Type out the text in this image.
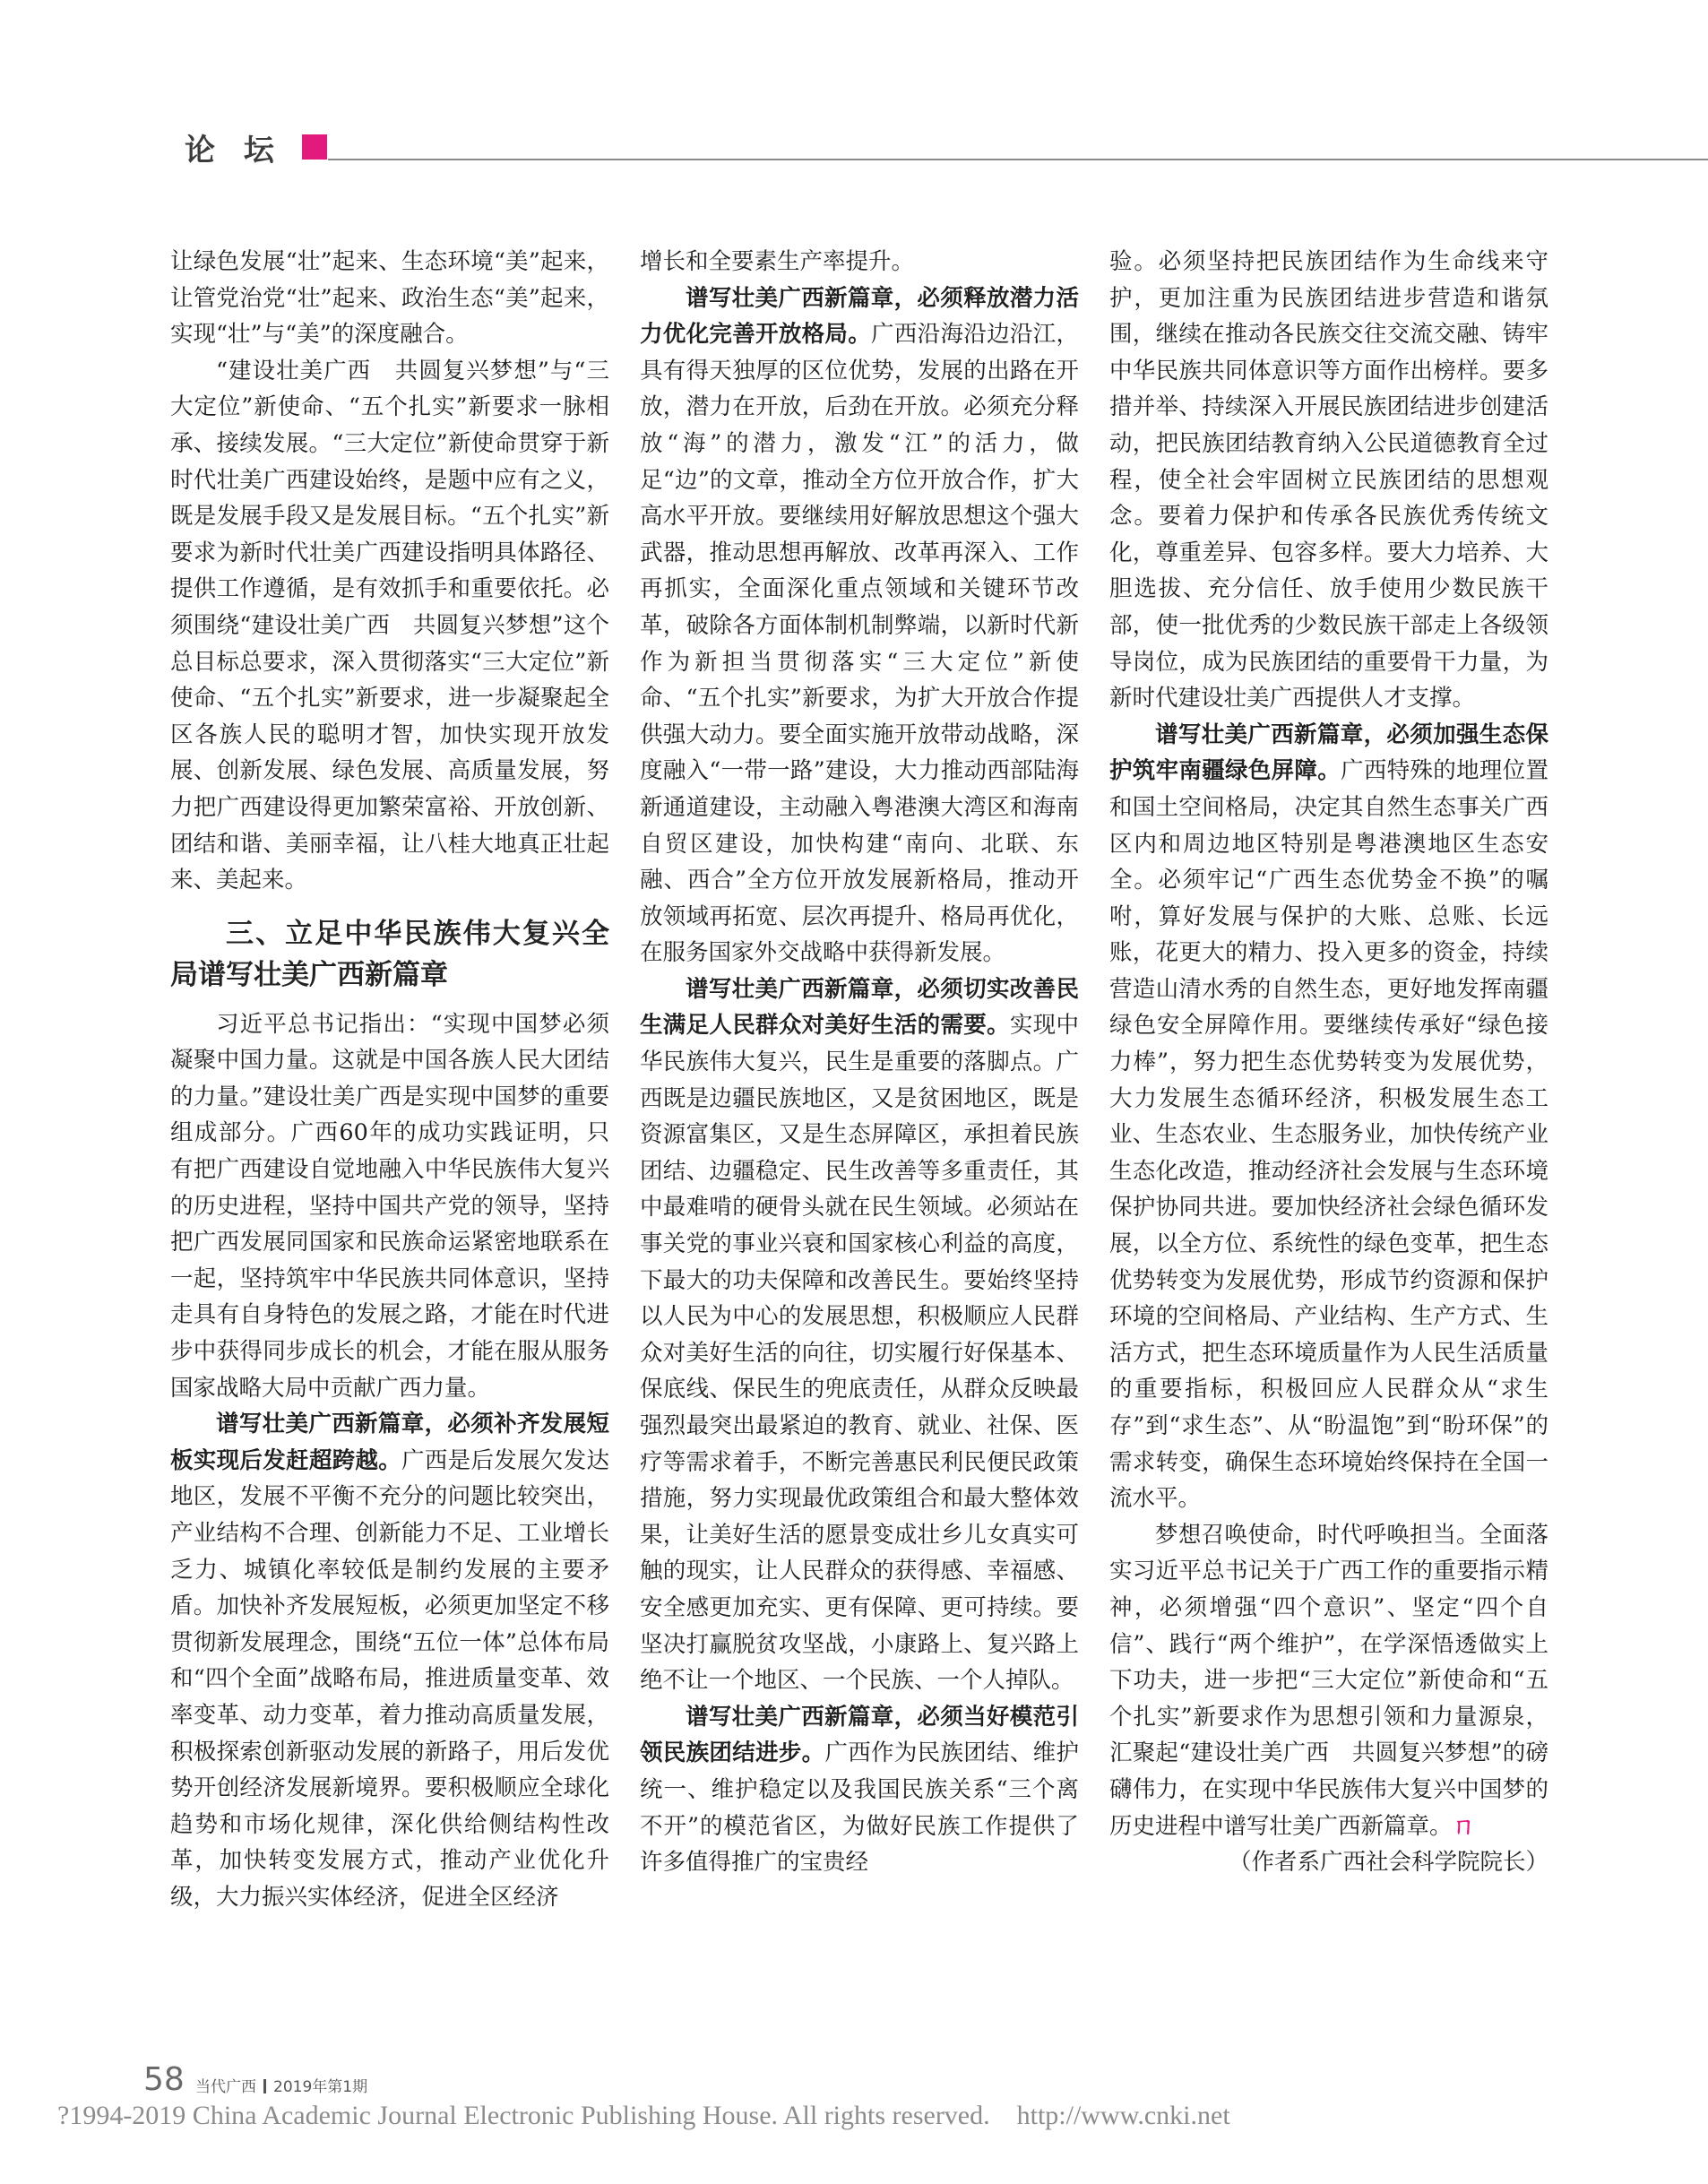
论 坛

让绿色发展“壮”起来、生态环境“美”起来，让管党治党“壮”起来、政治生态“美”起来，实现“壮”与“美”的深度融合。

“建设壮美广西　共圆复兴梦想”与“三大定位”新使命、“五个扎实”新要求一脉相承、接续发展。“三大定位”新使命贯穿于新时代壮美广西建设始终，是题中应有之义，既是发展手段又是发展目标。“五个扎实”新要求为新时代壮美广西建设指明具体路径、提供工作遵循，是有效抓手和重要依托。必须围绕“建设壮美广西　共圆复兴梦想”这个总目标总要求，深入贯彻落实“三大定位”新使命、“五个扎实”新要求，进一步凝聚起全区各族人民的聪明才智，加快实现开放发展、创新发展、绿色发展、高质量发展，努力把广西建设得更加繁荣富裕、开放创新、团结和谐、美丽幸福，让八桂大地真正壮起来、美起来。

三、立足中华民族伟大复兴全局谱写壮美广西新篇章

习近平总书记指出：“实现中国梦必须凝聚中国力量。这就是中国各族人民大团结的力量。”建设壮美广西是实现中国梦的重要组成部分。广西60年的成功实践证明，只有把广西建设自觉地融入中华民族伟大复兴的历史进程，坚持中国共产党的领导，坚持把广西发展同国家和民族命运紧密地联系在一起，坚持筑牢中华民族共同体意识，坚持走具有自身特色的发展之路，才能在时代进步中获得同步成长的机会，才能在服从服务国家战略大局中贡献广西力量。

谱写壮美广西新篇章，必须补齐发展短板实现后发赶超跨越。广西是后发展欠发达地区，发展不平衡不充分的问题比较突出，产业结构不合理、创新能力不足、工业增长乏力、城镇化率较低是制约发展的主要矛盾。加快补齐发展短板，必须更加坚定不移贯彻新发展理念，围绕“五位一体”总体布局和“四个全面”战略布局，推进质量变革、效率变革、动力变革，着力推动高质量发展，积极探索创新驱动发展的新路子，用后发优势开创经济发展新境界。要积极顺应全球化趋势和市场化规律，深化供给侧结构性改革，加快转变发展方式，推动产业优化升级，大力振兴实体经济，促进全区经济

增长和全要素生产率提升。

谱写壮美广西新篇章，必须释放潜力活力优化完善开放格局。广西沿海沿边沿江，具有得天独厚的区位优势，发展的出路在开放，潜力在开放，后劲在开放。必须充分释放“海”的潜力，激发“江”的活力，做足“边”的文章，推动全方位开放合作，扩大高水平开放。要继续用好解放思想这个强大武器，推动思想再解放、改革再深入、工作再抓实，全面深化重点领域和关键环节改革，破除各方面体制机制弊端，以新时代新作为新担当贯彻落实“三大定位”新使命、“五个扎实”新要求，为扩大开放合作提供强大动力。要全面实施开放带动战略，深度融入“一带一路”建设，大力推动西部陆海新通道建设，主动融入粤港澳大湾区和海南自贸区建设，加快构建“南向、北联、东融、西合”全方位开放发展新格局，推动开放领域再拓宽、层次再提升、格局再优化，在服务国家外交战略中获得新发展。

谱写壮美广西新篇章，必须切实改善民生满足人民群众对美好生活的需要。实现中华民族伟大复兴，民生是重要的落脚点。广西既是边疆民族地区，又是贫困地区，既是资源富集区，又是生态屏障区，承担着民族团结、边疆稳定、民生改善等多重责任，其中最难啃的硬骨头就在民生领域。必须站在事关党的事业兴衰和国家核心利益的高度，下最大的功夫保障和改善民生。要始终坚持以人民为中心的发展思想，积极顺应人民群众对美好生活的向往，切实履行好保基本、保底线、保民生的兜底责任，从群众反映最强烈最突出最紧迫的教育、就业、社保、医疗等需求着手，不断完善惠民利民便民政策措施，努力实现最优政策组合和最大整体效果，让美好生活的愿景变成壮乡儿女真实可触的现实，让人民群众的获得感、幸福感、安全感更加充实、更有保障、更可持续。要坚决打赢脱贫攻坚战，小康路上、复兴路上绝不让一个地区、一个民族、一个人掉队。

谱写壮美广西新篇章，必须当好模范引领民族团结进步。广西作为民族团结、维护统一、维护稳定以及我国民族关系“三个离不开”的模范省区，为做好民族工作提供了许多值得推广的宝贵经

验。必须坚持把民族团结作为生命线来守护，更加注重为民族团结进步营造和谐氛围，继续在推动各民族交往交流交融、铸牢中华民族共同体意识等方面作出榜样。要多措并举、持续深入开展民族团结进步创建活动，把民族团结教育纳入公民道德教育全过程，使全社会牢固树立民族团结的思想观念。要着力保护和传承各民族优秀传统文化，尊重差异、包容多样。要大力培养、大胆选拔、充分信任、放手使用少数民族干部，使一批优秀的少数民族干部走上各级领导岗位，成为民族团结的重要骨干力量，为新时代建设壮美广西提供人才支撑。

谱写壮美广西新篇章，必须加强生态保护筑牢南疆绿色屏障。广西特殊的地理位置和国土空间格局，决定其自然生态事关广西区内和周边地区特别是粤港澳地区生态安全。必须牢记“广西生态优势金不换”的嘱咐，算好发展与保护的大账、总账、长远账，花更大的精力、投入更多的资金，持续营造山清水秀的自然生态，更好地发挥南疆绿色安全屏障作用。要继续传承好“绿色接力棒”，努力把生态优势转变为发展优势，大力发展生态循环经济，积极发展生态工业、生态农业、生态服务业，加快传统产业生态化改造，推动经济社会发展与生态环境保护协同共进。要加快经济社会绿色循环发展，以全方位、系统性的绿色变革，把生态优势转变为发展优势，形成节约资源和保护环境的空间格局、产业结构、生产方式、生活方式，把生态环境质量作为人民生活质量的重要指标，积极回应人民群众从“求生存”到“求生态”、从“盼温饱”到“盼环保”的需求转变，确保生态环境始终保持在全国一流水平。

梦想召唤使命，时代呼唤担当。全面落实习近平总书记关于广西工作的重要指示精神，必须增强“四个意识”、坚定“四个自信”、践行“两个维护”，在学深悟透做实上下功夫，进一步把“三大定位”新使命和“五个扎实”新要求作为思想引领和力量源泉，汇聚起“建设壮美广西　共圆复兴梦想”的磅礴伟力，在实现中华民族伟大复兴中国梦的历史进程中谱写壮美广西新篇章。ㄇ

（作者系广西社会科学院院长）

58 当代广西 2019年第1期
?1994-2019 China Academic Journal Electronic Publishing House. All rights reserved. http://www.cnki.net
